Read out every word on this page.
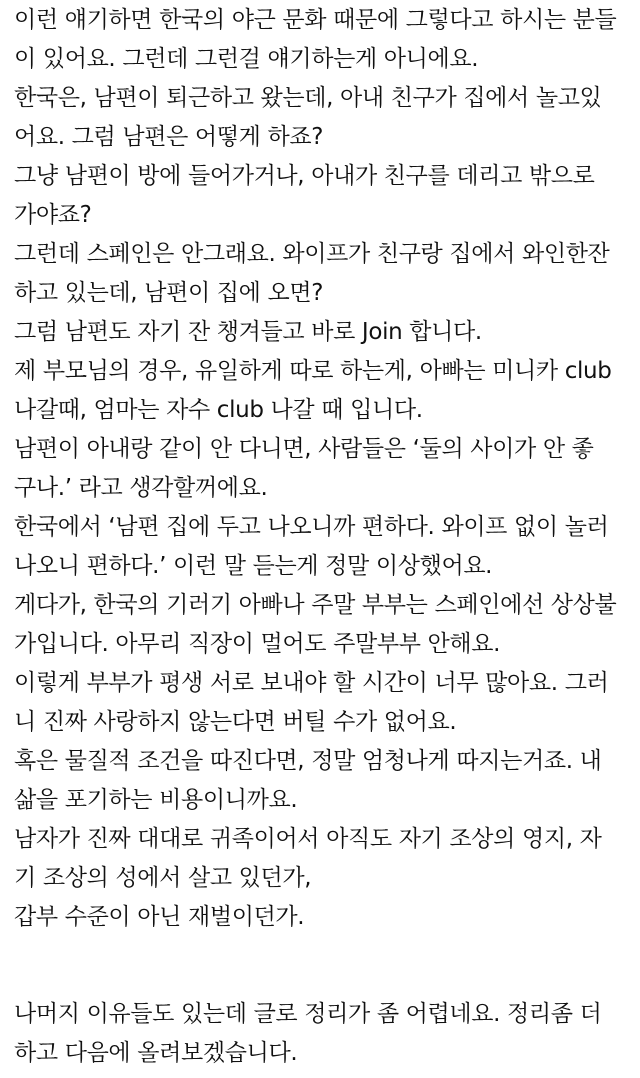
이런 얘기하면 한국의 야근 문화 때문에 그렇다고 하시는 분들
이 있어요. 그런데 그런걸 얘기하는게 아니에요.
한국은, 남편이 퇴근하고 왔는데, 아내 친구가 집에서 놀고있
어요. 그럼 남편은 어떻게 하죠?
그냥 남편이 방에 들어가거나, 아내가 친구를 데리고 밖으로
가야죠?
그런데 스페인은 안그래요. 와이프가 친구랑 집에서 와인한잔
하고 있는데, 남편이 집에 오면?
그럼 남편도 자기 잔 챙겨들고 바로 Join 합니다.
제 부모님의 경우, 유일하게 따로 하는게, 아빠는 미니카 club
나갈때, 엄마는 자수 club 나갈 때 입니다.
남편이 아내랑 같이 안 다니면, 사람들은 ‘둘의 사이가 안 좋
구나.’ 라고 생각할꺼에요.
한국에서 ‘남편 집에 두고 나오니까 편하다. 와이프 없이 놀러
나오니 편하다.’ 이런 말 듣는게 정말 이상했어요.
게다가, 한국의 기러기 아빠나 주말 부부는 스페인에선 상상불
가입니다. 아무리 직장이 멀어도 주말부부 안해요.
이렇게 부부가 평생 서로 보내야 할 시간이 너무 많아요. 그러
니 진짜 사랑하지 않는다면 버틸 수가 없어요.
혹은 물질적 조건을 따진다면, 정말 엄청나게 따지는거죠. 내
삶을 포기하는 비용이니까요.
남자가 진짜 대대로 귀족이어서 아직도 자기 조상의 영지, 자
기 조상의 성에서 살고 있던가,
갑부 수준이 아닌 재벌이던가.
나머지 이유들도 있는데 글로 정리가 좀 어렵네요. 정리좀 더
하고 다음에 올려보겠습니다.
